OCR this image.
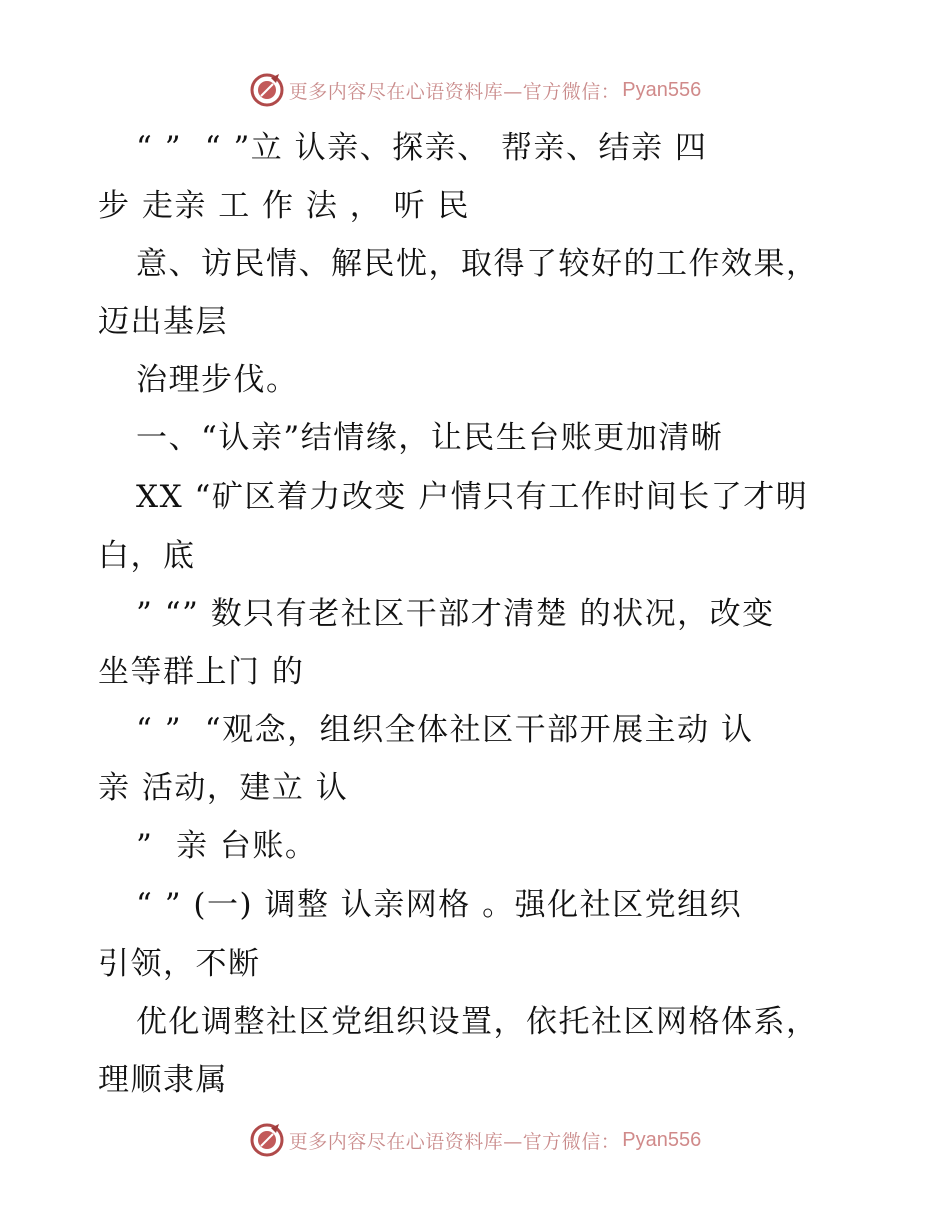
更多内容尽在心语资料库—官方微信： Pyan556
“ ”  “ ”立 认亲、探亲、 帮亲、结亲 四
步 走亲 工 作 法 ， 听 民
意、访民情、解民忧，取得了较好的工作效果，
迈出基层
治理步伐。
一、“认亲”结情缘，让民生台账更加清晰
XX “矿区着力改变 户情只有工作时间长了才明
白，底
” “” 数只有老社区干部才清楚 的状况，改变
坐等群上门 的
“ ”  “观念，组织全体社区干部开展主动 认
亲 活动，建立 认
”  亲 台账。
“ ” (一) 调整 认亲网格 。强化社区党组织
引领，不断
优化调整社区党组织设置，依托社区网格体系，
理顺隶属
更多内容尽在心语资料库—官方微信： Pyan556
